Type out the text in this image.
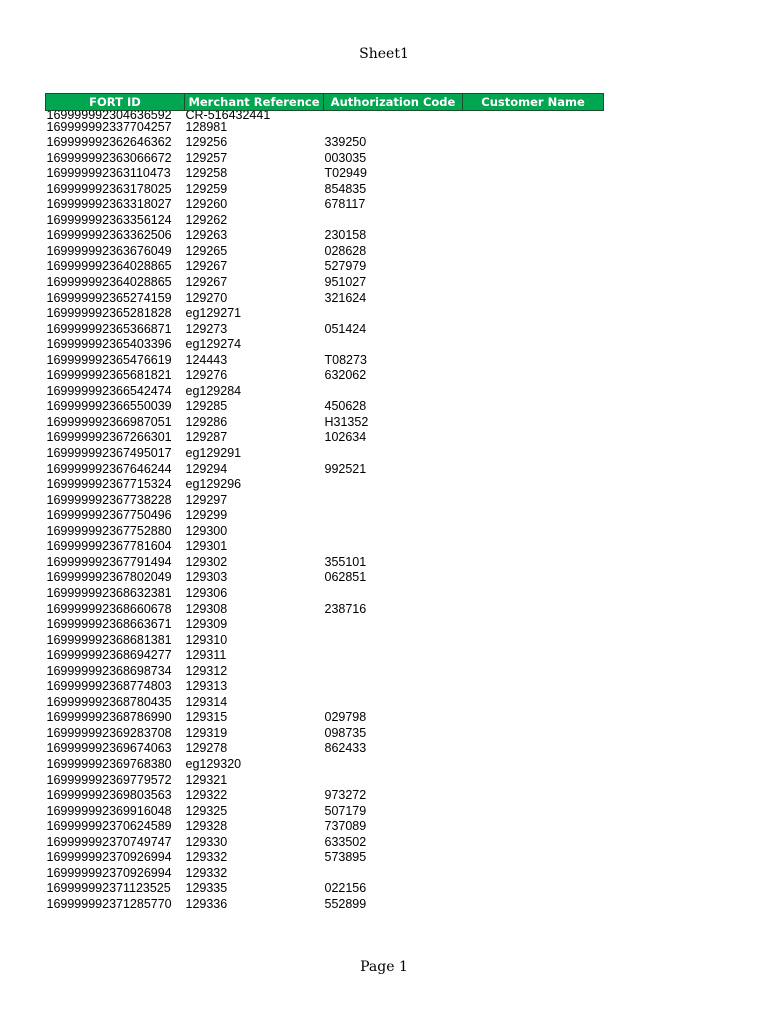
Sheet1
FORT ID	Merchant Reference	Authorization Code	Customer Name
169999992304636592	CR-516432441		
169999992337704257	128981		
169999992362646362	129256	339250	
169999992363066672	129257	003035	
169999992363110473	129258	T02949	
169999992363178025	129259	854835	
169999992363318027	129260	678117	
169999992363356124	129262		
169999992363362506	129263	230158	
169999992363676049	129265	028628	
169999992364028865	129267	527979	
169999992364028865	129267	951027	
169999992365274159	129270	321624	
169999992365281828	eg129271		
169999992365366871	129273	051424	
169999992365403396	eg129274		
169999992365476619	124443	T08273	
169999992365681821	129276	632062	
169999992366542474	eg129284		
169999992366550039	129285	450628	
169999992366987051	129286	H31352	
169999992367266301	129287	102634	
169999992367495017	eg129291		
169999992367646244	129294	992521	
169999992367715324	eg129296		
169999992367738228	129297		
169999992367750496	129299		
169999992367752880	129300		
169999992367781604	129301		
169999992367791494	129302	355101	
169999992367802049	129303	062851	
169999992368632381	129306		
169999992368660678	129308	238716	
169999992368663671	129309		
169999992368681381	129310		
169999992368694277	129311		
169999992368698734	129312		
169999992368774803	129313		
169999992368780435	129314		
169999992368786990	129315	029798	
169999992369283708	129319	098735	
169999992369674063	129278	862433	
169999992369768380	eg129320		
169999992369779572	129321		
169999992369803563	129322	973272	
169999992369916048	129325	507179	
169999992370624589	129328	737089	
169999992370749747	129330	633502	
169999992370926994	129332	573895	
169999992370926994	129332		
169999992371123525	129335	022156	
169999992371285770	129336	552899	
Page 1
